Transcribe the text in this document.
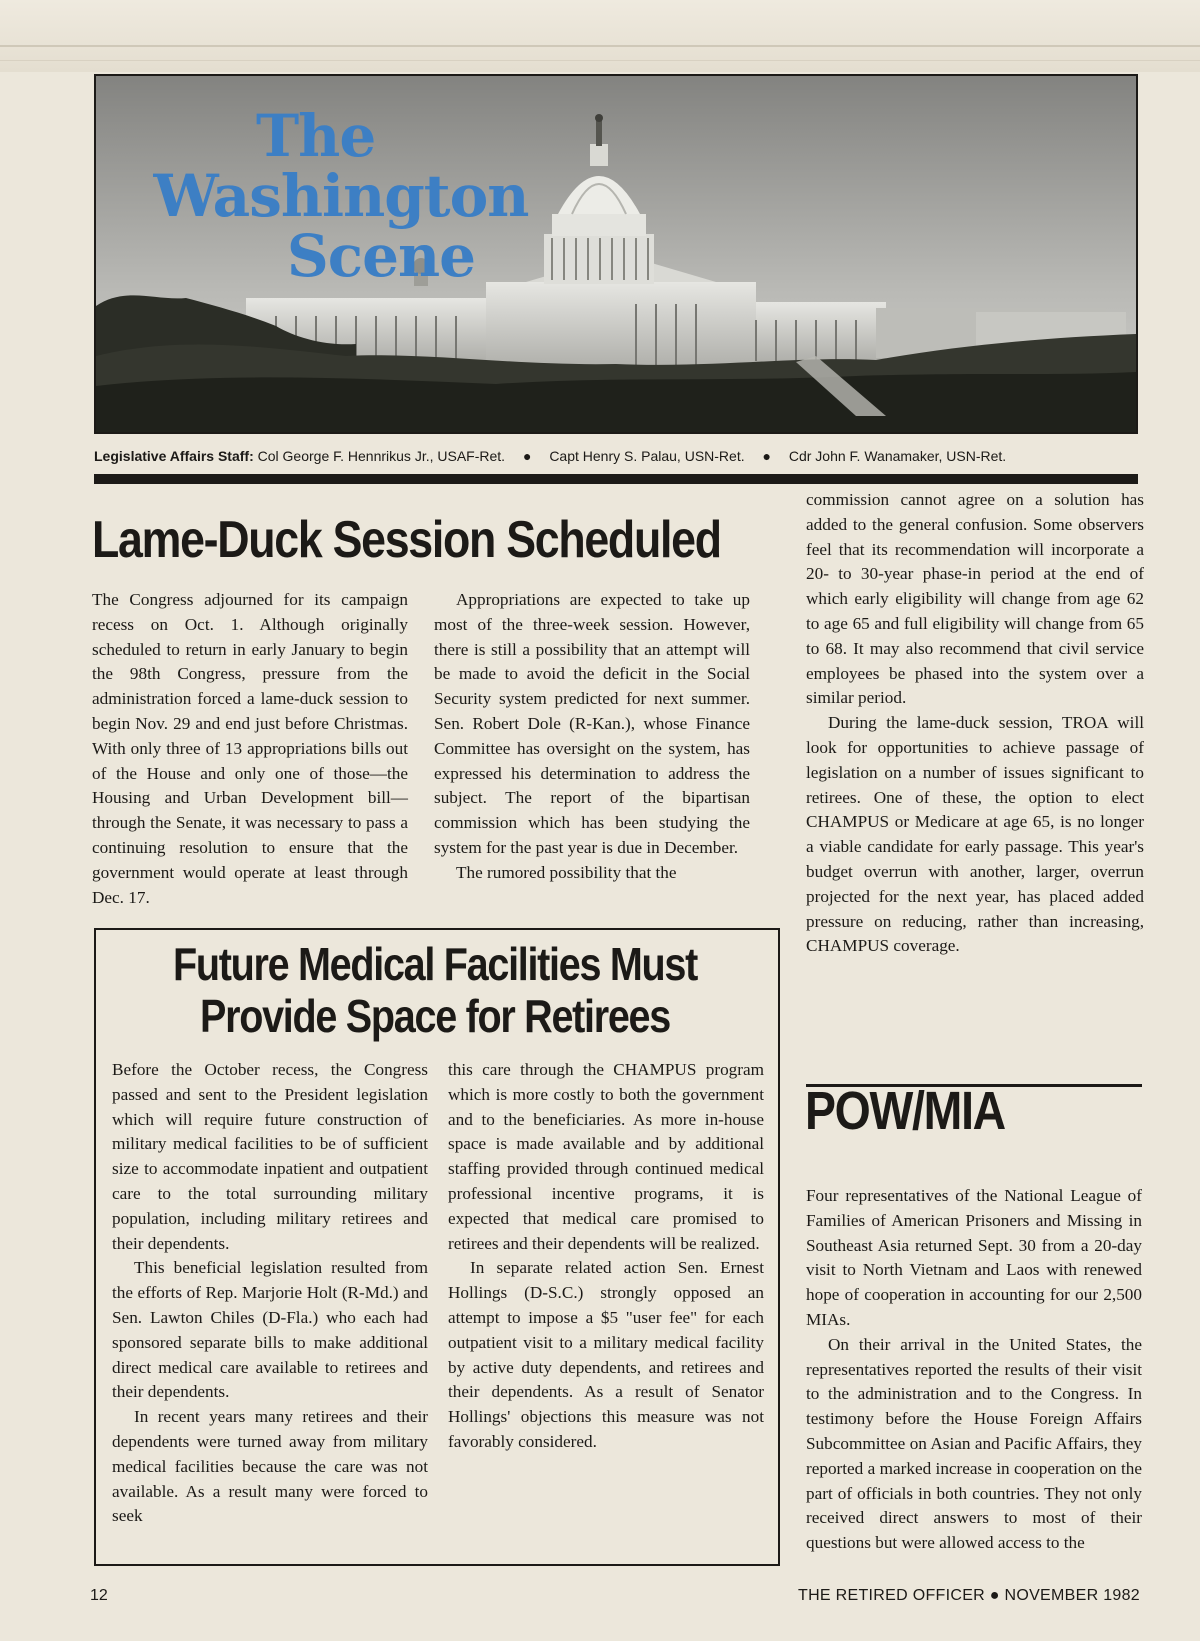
The
Washington
Scene
Legislative Affairs Staff: Col George F. Hennrikus Jr., USAF-Ret. ● Capt Henry S. Palau, USN-Ret. ● Cdr John F. Wanamaker, USN-Ret.
Lame-Duck Session Scheduled

The Congress adjourned for its campaign recess on Oct. 1. Although originally scheduled to return in early January to begin the 98th Congress, pressure from the administration forced a lame-duck session to begin Nov. 29 and end just before Christmas. With only three of 13 appropriations bills out of the House and only one of those—the Housing and Urban Development bill—through the Senate, it was necessary to pass a continuing resolution to ensure that the government would operate at least through Dec. 17.

Appropriations are expected to take up most of the three-week session. However, there is still a possibility that an attempt will be made to avoid the deficit in the Social Security system predicted for next summer. Sen. Robert Dole (R-Kan.), whose Finance Committee has oversight on the system, has expressed his determination to address the subject. The report of the bipartisan commission which has been studying the system for the past year is due in December.

The rumored possibility that the

commission cannot agree on a solution has added to the general confusion. Some observers feel that its recommendation will incorporate a 20- to 30-year phase-in period at the end of which early eligibility will change from age 62 to age 65 and full eligibility will change from 65 to 68. It may also recommend that civil service employees be phased into the system over a similar period.

During the lame-duck session, TROA will look for opportunities to achieve passage of legislation on a number of issues significant to retirees. One of these, the option to elect CHAMPUS or Medicare at age 65, is no longer a viable candidate for early passage. This year's budget overrun with another, larger, overrun projected for the next year, has placed added pressure on reducing, rather than increasing, CHAMPUS coverage.

Future Medical Facilities Must
Provide Space for Retirees

Before the October recess, the Congress passed and sent to the President legislation which will require future construction of military medical facilities to be of sufficient size to accommodate inpatient and outpatient care to the total surrounding military population, including military retirees and their dependents.

This beneficial legislation resulted from the efforts of Rep. Marjorie Holt (R-Md.) and Sen. Lawton Chiles (D-Fla.) who each had sponsored separate bills to make additional direct medical care available to retirees and their dependents.

In recent years many retirees and their dependents were turned away from military medical facilities because the care was not available. As a result many were forced to seek

this care through the CHAMPUS program which is more costly to both the government and to the beneficiaries. As more in-house space is made available and by additional staffing provided through continued medical professional incentive programs, it is expected that medical care promised to retirees and their dependents will be realized.

In separate related action Sen. Ernest Hollings (D-S.C.) strongly opposed an attempt to impose a $5 "user fee" for each outpatient visit to a military medical facility by active duty dependents, and retirees and their dependents. As a result of Senator Hollings' objections this measure was not favorably considered.

POW/MIA

Four representatives of the National League of Families of American Prisoners and Missing in Southeast Asia returned Sept. 30 from a 20-day visit to North Vietnam and Laos with renewed hope of cooperation in accounting for our 2,500 MIAs.

On their arrival in the United States, the representatives reported the results of their visit to the administration and to the Congress. In testimony before the House Foreign Affairs Subcommittee on Asian and Pacific Affairs, they reported a marked increase in cooperation on the part of officials in both countries. They not only received direct answers to most of their questions but were allowed access to the

12	THE RETIRED OFFICER ● NOVEMBER 1982
